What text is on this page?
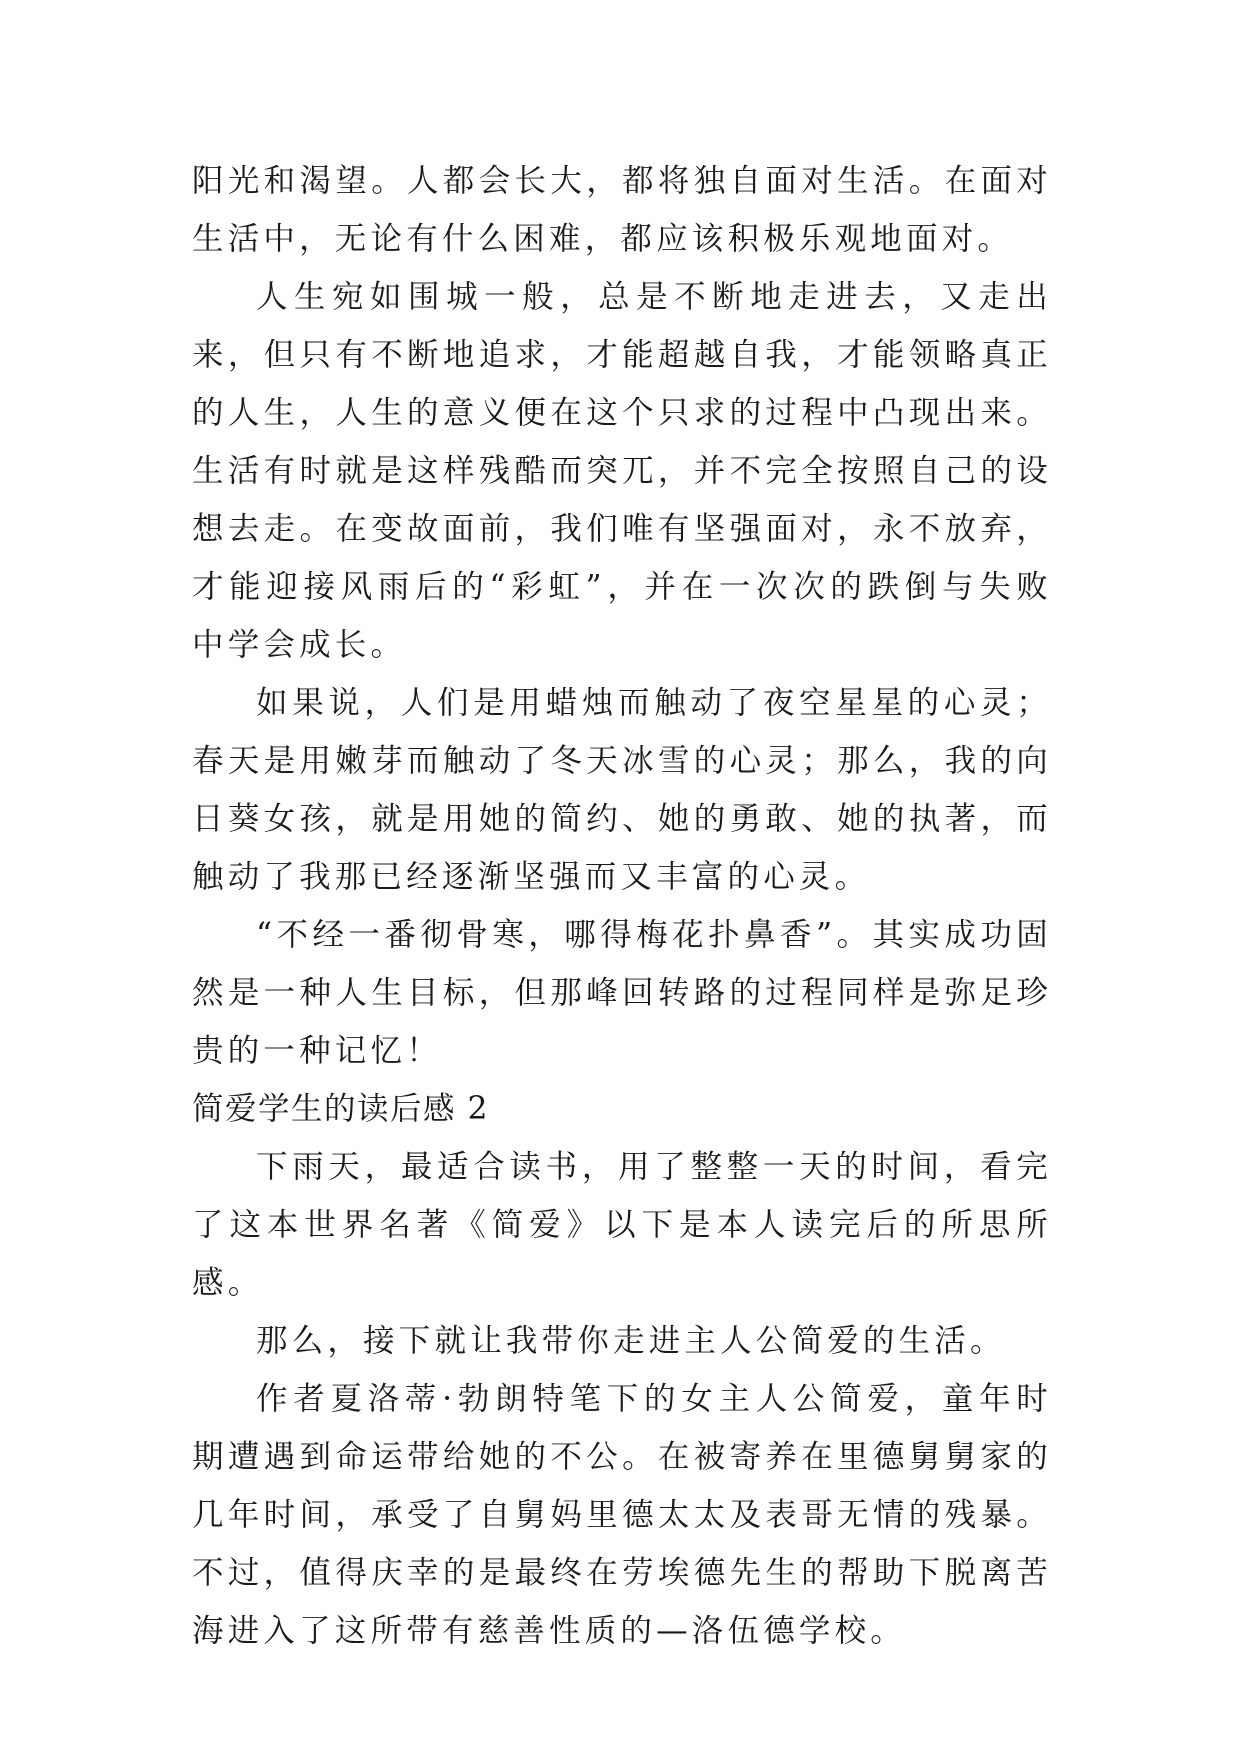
阳光和渴望。人都会长大，都将独自面对生活。在面对生活中，无论有什么困难，都应该积极乐观地面对。

人生宛如围城一般，总是不断地走进去，又走出来，但只有不断地追求，才能超越自我，才能领略真正的人生，人生的意义便在这个只求的过程中凸现出来。生活有时就是这样残酷而突兀，并不完全按照自己的设想去走。在变故面前，我们唯有坚强面对，永不放弃，才能迎接风雨后的“彩虹”，并在一次次的跌倒与失败中学会成长。

如果说，人们是用蜡烛而触动了夜空星星的心灵；春天是用嫩芽而触动了冬天冰雪的心灵；那么，我的向日葵女孩，就是用她的简约、她的勇敢、她的执著，而触动了我那已经逐渐坚强而又丰富的心灵。

“不经一番彻骨寒，哪得梅花扑鼻香”。其实成功固然是一种人生目标，但那峰回转路的过程同样是弥足珍贵的一种记忆！

简爱学生的读后感 2

下雨天，最适合读书，用了整整一天的时间，看完了这本世界名著《简爱》以下是本人读完后的所思所感。

那么，接下就让我带你走进主人公简爱的生活。

作者夏洛蒂·勃朗特笔下的女主人公简爱，童年时期遭遇到命运带给她的不公。在被寄养在里德舅舅家的几年时间，承受了自舅妈里德太太及表哥无情的残暴。不过，值得庆幸的是最终在劳埃德先生的帮助下脱离苦海进入了这所带有慈善性质的—洛伍德学校。
